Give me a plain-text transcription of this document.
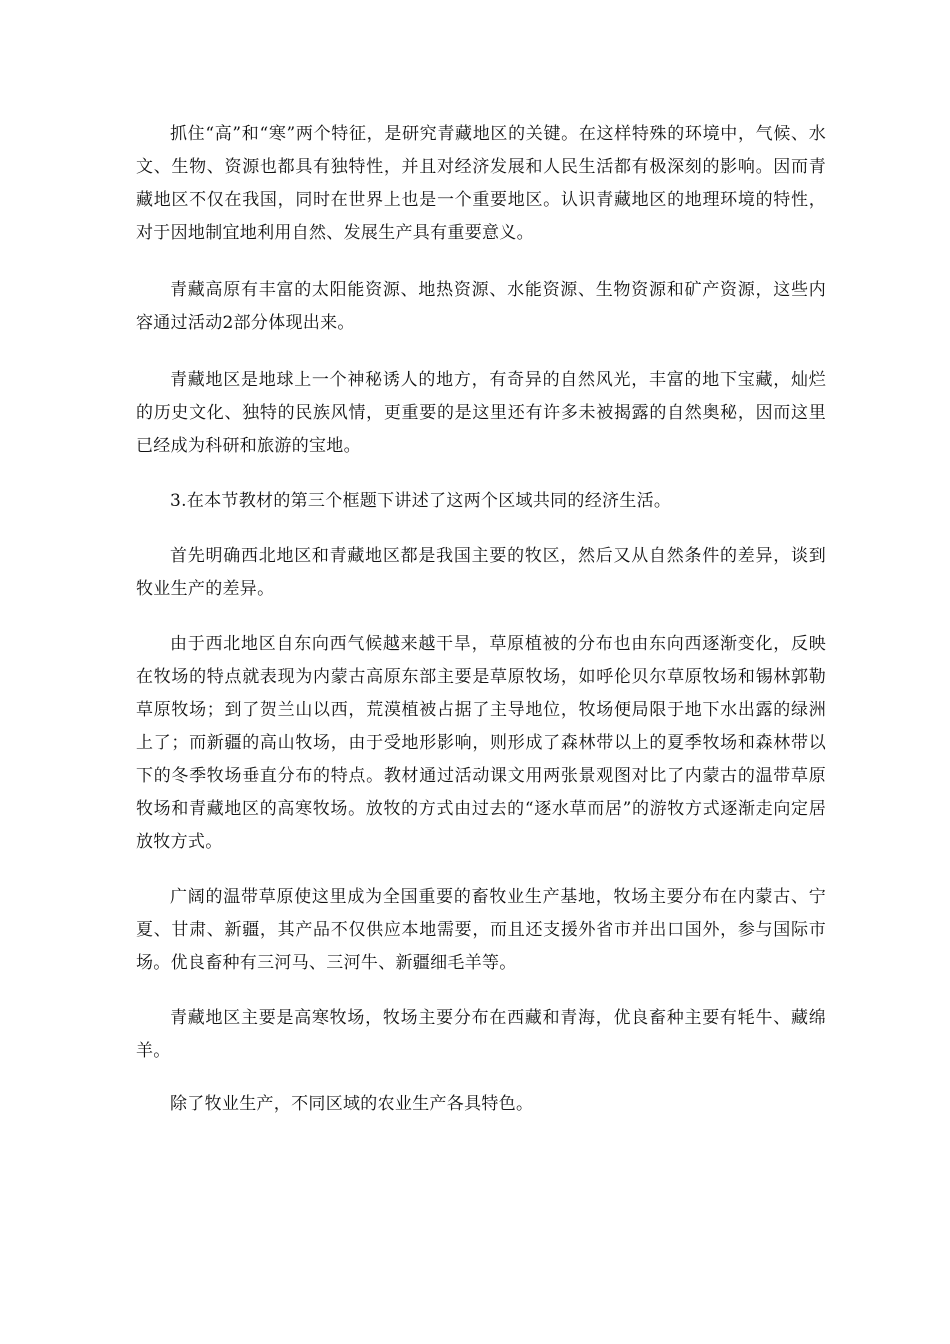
抓住“高”和“寒”两个特征，是研究青藏地区的关键。在这样特殊的环境中，气候、水文、生物、资源也都具有独特性，并且对经济发展和人民生活都有极深刻的影响。因而青藏地区不仅在我国，同时在世界上也是一个重要地区。认识青藏地区的地理环境的特性，对于因地制宜地利用自然、发展生产具有重要意义。

青藏高原有丰富的太阳能资源、地热资源、水能资源、生物资源和矿产资源，这些内容通过活动2部分体现出来。

青藏地区是地球上一个神秘诱人的地方，有奇异的自然风光，丰富的地下宝藏，灿烂的历史文化、独特的民族风情，更重要的是这里还有许多未被揭露的自然奥秘，因而这里已经成为科研和旅游的宝地。

3.在本节教材的第三个框题下讲述了这两个区域共同的经济生活。

首先明确西北地区和青藏地区都是我国主要的牧区，然后又从自然条件的差异，谈到牧业生产的差异。

由于西北地区自东向西气候越来越干旱，草原植被的分布也由东向西逐渐变化，反映在牧场的特点就表现为内蒙古高原东部主要是草原牧场，如呼伦贝尔草原牧场和锡林郭勒草原牧场；到了贺兰山以西，荒漠植被占据了主导地位，牧场便局限于地下水出露的绿洲上了；而新疆的高山牧场，由于受地形影响，则形成了森林带以上的夏季牧场和森林带以下的冬季牧场垂直分布的特点。教材通过活动课文用两张景观图对比了内蒙古的温带草原牧场和青藏地区的高寒牧场。放牧的方式由过去的“逐水草而居”的游牧方式逐渐走向定居放牧方式。

广阔的温带草原使这里成为全国重要的畜牧业生产基地，牧场主要分布在内蒙古、宁夏、甘肃、新疆，其产品不仅供应本地需要，而且还支援外省市并出口国外，参与国际市场。优良畜种有三河马、三河牛、新疆细毛羊等。

青藏地区主要是高寒牧场，牧场主要分布在西藏和青海，优良畜种主要有牦牛、藏绵羊。

除了牧业生产，不同区域的农业生产各具特色。
